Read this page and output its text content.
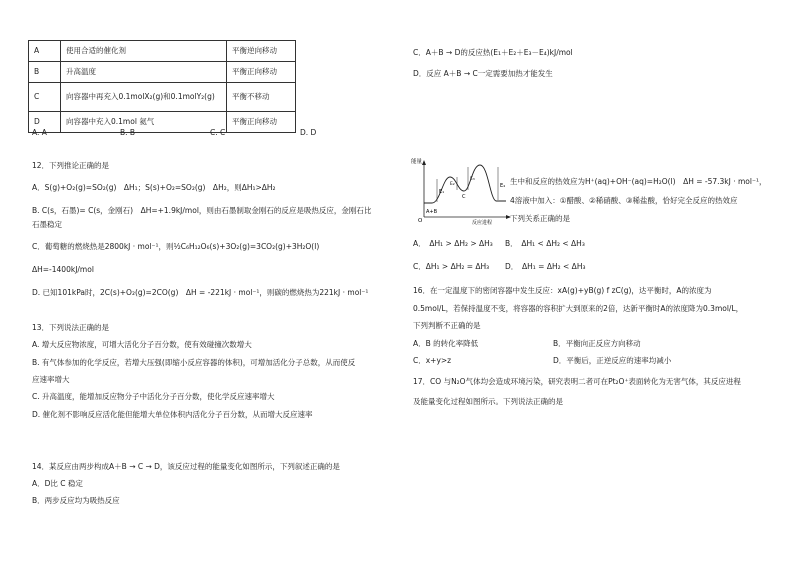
A	使用合适的催化剂	平衡逆向移动
B	升高温度	平衡正向移动
C	向容器中再充入0.1molX₂(g)和0.1molY₂(g)	平衡不移动
D	向容器中充入0.1mol 氦气	平衡正向移动
A. A	B. B	C. C	D. D
12．下列推论正确的是
A．S(g)+O₂(g)=SO₂(g)　ΔH₁；S(s)+O₂=SO₂(g)　ΔH₂，则ΔH₁>ΔH₂
B. C(s，石墨)= C(s，金刚石)　ΔH=+1.9kJ/mol，则由石墨制取金刚石的反应是吸热反应，金刚石比
石墨稳定
C．葡萄糖的燃烧热是2800kJ · mol⁻¹，则½C₆H₁₂O₆(s)+3O₂(g)=3CO₂(g)+3H₂O(l)
ΔH=-1400kJ/mol
D. 已知101kPa时，2C(s)+O₂(g)=2CO(g)　ΔH = -221kJ · mol⁻¹，则碳的燃烧热为221kJ · mol⁻¹
13．下列说法正确的是
A. 增大反应物浓度，可增大活化分子百分数，使有效碰撞次数增大
B. 有气体参加的化学反应，若增大压强(即缩小反应容器的体积)，可增加活化分子总数，从而使反
应速率增大
C. 升高温度，能增加反应物分子中活化分子百分数，使化学反应速率增大
D. 催化剂不影响反应活化能但能增大单位体积内活化分子百分数，从而增大反应速率
14．某反应由两步构成A＋B → C → D，该反应过程的能量变化如图所示，下列叙述正确的是
A．D比 C 稳定
B．两步反应均为吸热反应
C．A＋B → D的反应热(E₁＋E₂＋E₃－E₄)kJ/mol
D．反应 A＋B → C一定需要加热才能发生
能量
O	反应进程
A+B
C
E₁
E₂
E₃
E₄ 生中和反应的热效应为H⁺(aq)+OH⁻(aq)=H₂O(l)　ΔH = -57.3kJ · mol⁻¹，
4溶液中加入：①醋酸、②稀硝酸、③稀盐酸，恰好完全反应的热效应
下列关系正确的是
A．　ΔH₁ > ΔH₂ > ΔH₃ B．　ΔH₁ < ΔH₂ < ΔH₃
C．ΔH₁ > ΔH₂ = ΔH₃ D．　ΔH₁ = ΔH₂ < ΔH₃
16．在一定温度下的密闭容器中发生反应：xA(g)+yB(g) f zC(g)，达平衡时，A的浓度为
0.5mol/L，若保持温度不变，将容器的容积扩大到原来的2倍，达新平衡时A的浓度降为0.3mol/L，
下列判断不正确的是
A．B 的转化率降低	B．平衡向正反应方向移动
C．x+y>z	D．平衡后，正逆反应的速率均减小
17．CO 与N₂O气体均会造成环境污染，研究表明二者可在Pt₂O⁺表面转化为无害气体，其反应进程
及能量变化过程如图所示。下列说法正确的是
